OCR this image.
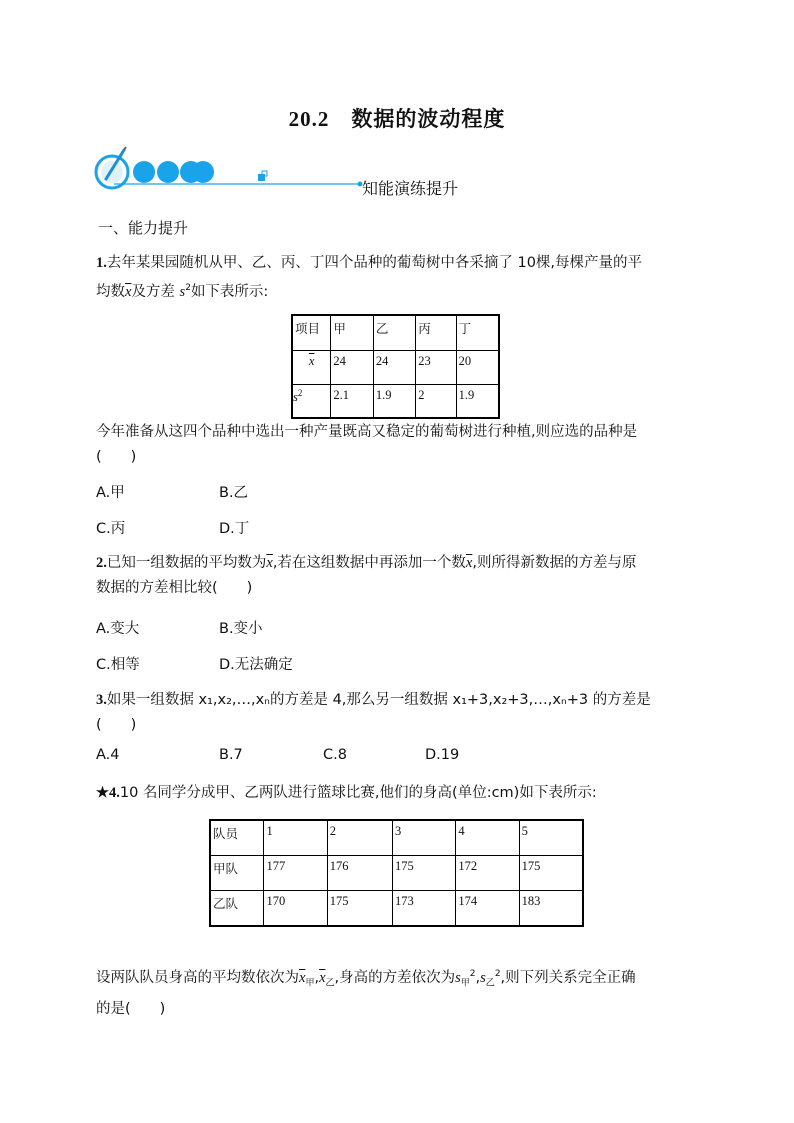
20.2 数据的波动程度
知能演练提升
一、能力提升
1.去年某果园随机从甲、乙、丙、丁四个品种的葡萄树中各采摘了 10棵,每棵产量的平
均数$\overline{x}$及方差 $s^2$如下表所示:
项目	甲	乙	丙	丁
$\overline{x}$	24	24	23	20
$s^2$	2.1	1.9	2	1.9
今年准备从这四个品种中选出一种产量既高又稳定的葡萄树进行种植,则应选的品种是
(　　)
A.甲	B.乙
C.丙	D.丁
2.已知一组数据的平均数为$\overline{x}$,若在这组数据中再添加一个数$\overline{x}$,则所得新数据的方差与原
数据的方差相比较(　　)
A.变大	B.变小
C.相等	D.无法确定
3.如果一组数据 x₁,x₂,…,xₙ的方差是 4,那么另一组数据 x₁+3,x₂+3,…,xₙ+3 的方差是
(　　)
A.4	B.7	C.8	D.19
★4.10 名同学分成甲、乙两队进行篮球比赛,他们的身高(单位:cm)如下表所示:
队员	1	2	3	4	5
甲队	177	176	175	172	175
乙队	170	175	173	174	183
设两队队员身高的平均数依次为$\overline{x}_甲,\overline{x}_乙$,身高的方差依次为$s_甲^2,s_乙^2$,则下列关系完全正确
的是(　　)
